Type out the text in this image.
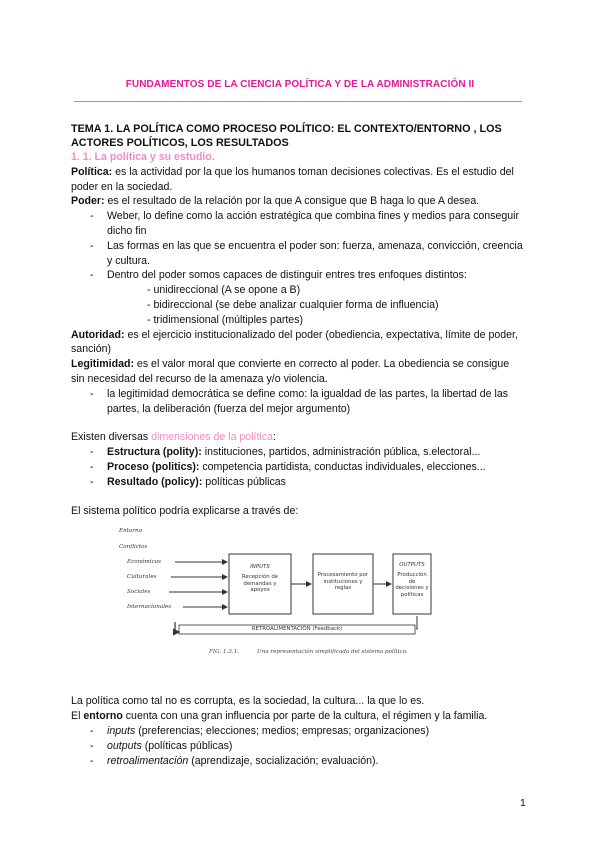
FUNDAMENTOS DE LA CIENCIA POLÍTICA Y DE LA ADMINISTRACIÓN II

TEMA 1. LA POLÍTICA COMO PROCESO POLÍTICO: EL CONTEXTO/ENTORNO , LOS ACTORES POLÍTICOS, LOS RESULTADOS

1. 1. La política y su estudio.

Política: es la actividad por la que los humanos toman decisiones colectivas. Es el estudio del poder en la sociedad.

Poder: es el resultado de la relación por la que A consigue que B haga lo que A desea.

- Weber, lo define como la acción estratégica que combina fines y medios para conseguir dicho fin
- Las formas en las que se encuentra el poder son: fuerza, amenaza, convicción, creencia y cultura.
- Dentro del poder somos capaces de distinguir entres tres enfoques distintos:
- unidireccional (A se opone a B)
- bidireccional (se debe analizar cualquier forma de influencia)
- tridimensional (múltiples partes)

Autoridad: es el ejercicio institucionalizado del poder (obediencia, expectativa, límite de poder, sanción)

Legitimidad: es el valor moral que convierte en correcto al poder. La obediencia se consigue sin necesidad del recurso de la amenaza y/o violencia.

- la legitimidad democrática se define como: la igualdad de las partes, la libertad de las partes, la deliberación (fuerza del mejor argumento)

Existen diversas dimensiones de la política:

- Estructura (polity): instituciones, partidos, administración pública, s.electoral...
- Proceso (politics): competencia partidista, conductas individuales, elecciones...
- Resultado (policy): políticas públicas

El sistema político podría explicarse a través de:

Entorno
Conflictos
Económicos
Culturales
Sociales
Internacionales
INPUTS
Recepción de demandas y apoyos
Procesamiento por instituciones y reglas
OUTPUTS
Producción de decisiones y políticas
RETROALIMENTACIÓN (Feedback)
FIG. 1.3.1.	Una representación simplificada del sistema político.

La política como tal no es corrupta, es la sociedad, la cultura... la que lo es.

El entorno cuenta con una gran influencia por parte de la cultura, el régimen y la familia.

- inputs (preferencias; elecciones; medios; empresas; organizaciones)
- outputs (políticas públicas)
- retroalimentación (aprendizaje, socialización; evaluación).
1
